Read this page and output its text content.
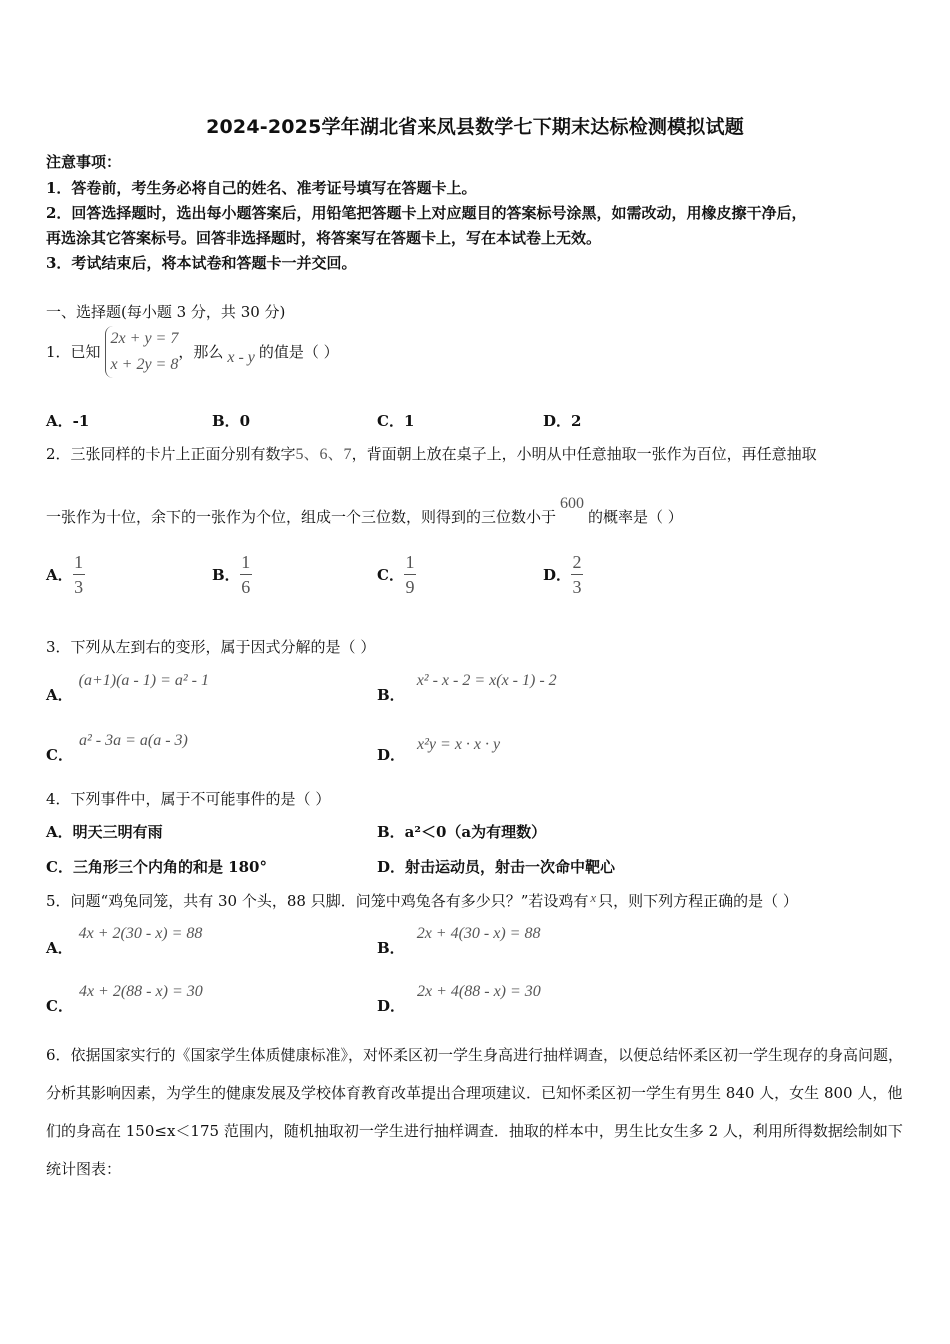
2024-2025学年湖北省来凤县数学七下期末达标检测模拟试题
注意事项：
1．答卷前，考生务必将自己的姓名、准考证号填写在答题卡上。
2．回答选择题时，选出每小题答案后，用铅笔把答题卡上对应题目的答案标号涂黑，如需改动，用橡皮擦干净后，
再选涂其它答案标号。回答非选择题时，将答案写在答题卡上，写在本试卷上无效。
3．考试结束后，将本试卷和答题卡一并交回。
一、选择题(每小题 3 分，共 30 分)
1．已知
2x + y = 7
x + 2y = 8
，那么 x - y 的值是（ ）
A．-1	B．0	C．1	D．2
2．三张同样的卡片上正面分别有数字5、6、7，背面朝上放在桌子上，小明从中任意抽取一张作为百位，再任意抽取
一张作为十位，余下的一张作为个位，组成一个三位数，则得到的三位数小于600的概率是（ ）
A． $\frac{1}{3}$	B． $\frac{1}{6}$	C． $\frac{1}{9}$	D． $\frac{2}{3}$
3．下列从左到右的变形，属于因式分解的是（ ）
A．
(a+1)(a - 1) = a² - 1
B．
x² - x - 2 = x(x - 1) - 2
C．
a² - 3a = a(a - 3)
D．
x²y = x · x · y
4．下列事件中，属于不可能事件的是（ ）
A．明天三明有雨	B．a²＜0（a为有理数）
C．三角形三个内角的和是 180°	D．射击运动员，射击一次命中靶心
5．问题“鸡兔同笼，共有 30 个头，88 只脚．问笼中鸡兔各有多少只？”若设鸡有 x 只，则下列方程正确的是（ ）
A．
4x + 2(30 - x) = 88
B．
2x + 4(30 - x) = 88
C．
4x + 2(88 - x) = 30
D．
2x + 4(88 - x) = 30
6．依据国家实行的《国家学生体质健康标准》，对怀柔区初一学生身高进行抽样调查，以便总结怀柔区初一学生现存的身高问题，分析其影响因素，为学生的健康发展及学校体育教育改革提出合理项建议．已知怀柔区初一学生有男生 840 人，女生 800 人，他们的身高在 150≤x＜175 范围内，随机抽取初一学生进行抽样调查．抽取的样本中，男生比女生多 2 人，利用所得数据绘制如下统计图表：
